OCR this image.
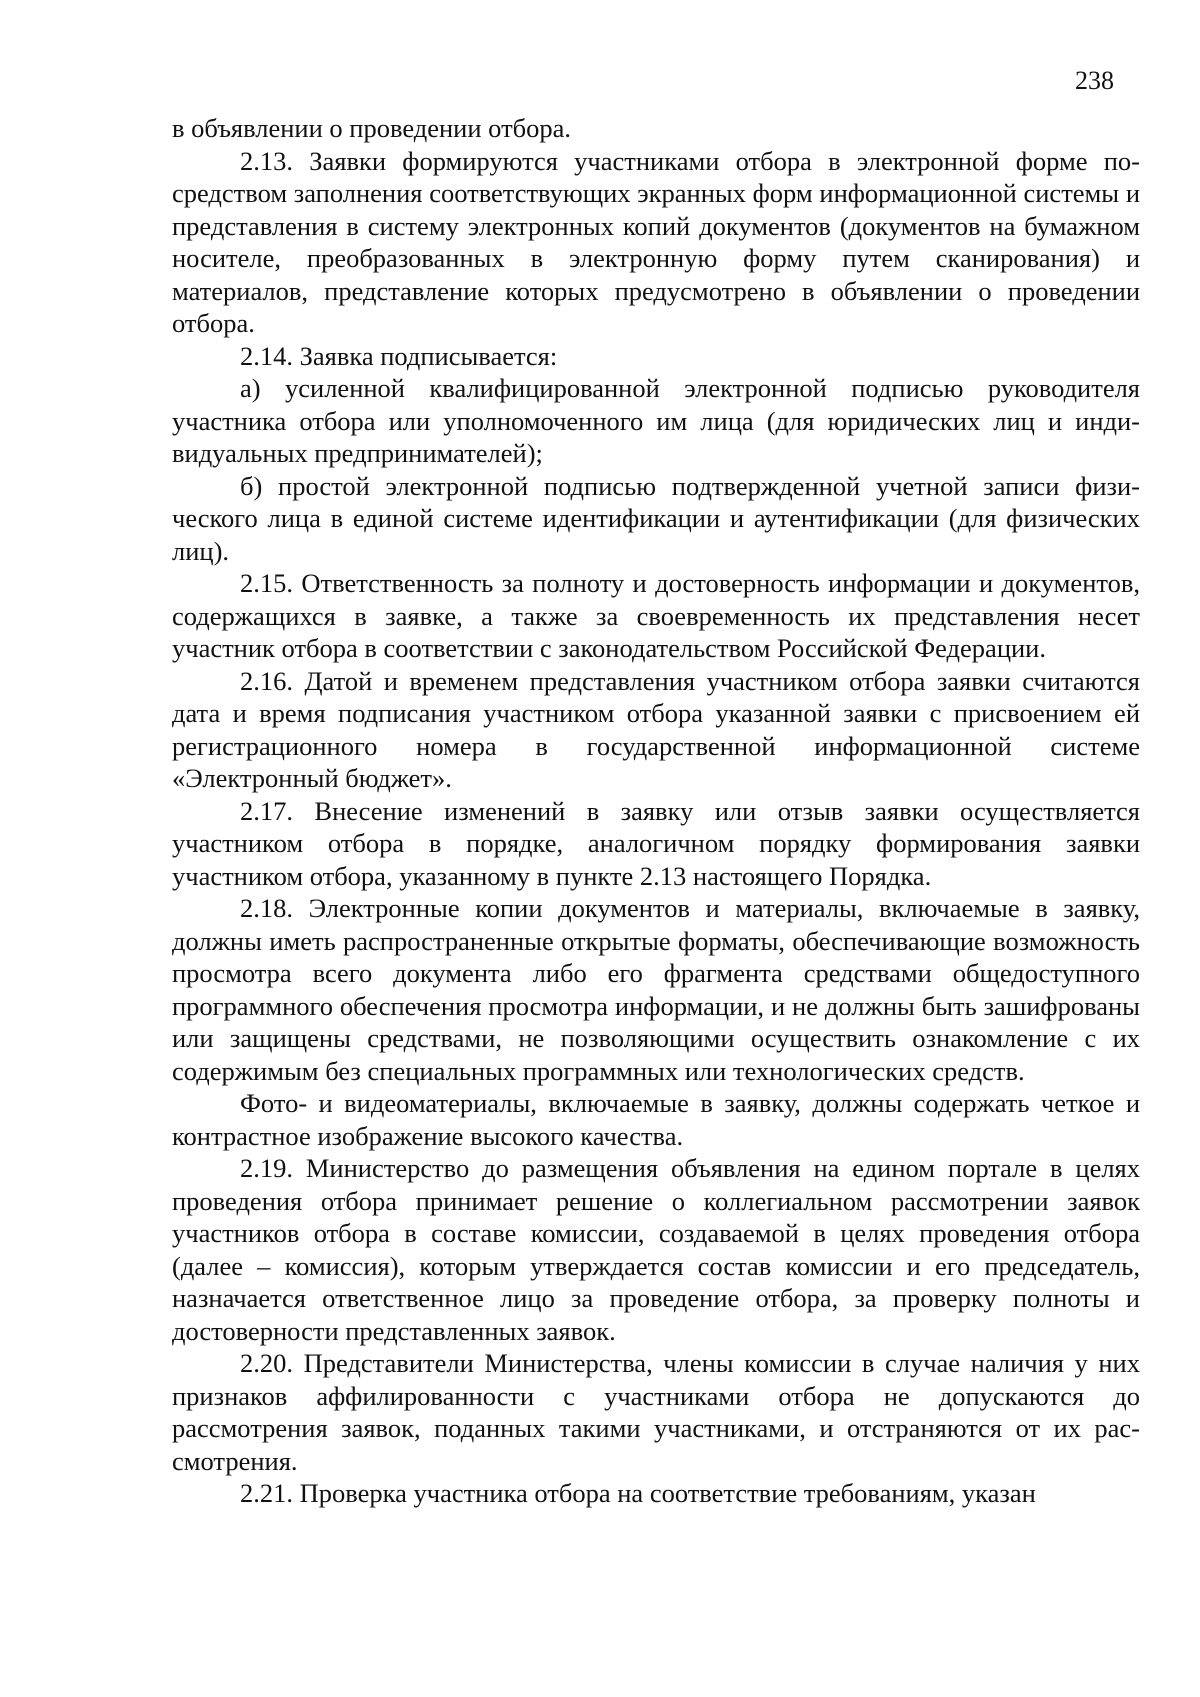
238

в объявлении о проведении отбора.

2.13. Заявки формируются участниками отбора в электронной форме посредством заполнения соответствующих экранных форм информационной системы и представления в систему электронных копий документов (документов на бумажном носителе, преобразованных в электронную форму путем сканирования) и материалов, представление которых предусмотрено в объявлении о проведении отбора.

2.14. Заявка подписывается:

а) усиленной квалифицированной электронной подписью руководителя участника отбора или уполномоченного им лица (для юридических лиц и индивидуальных предпринимателей);

б) простой электронной подписью подтвержденной учетной записи физического лица в единой системе идентификации и аутентификации (для физических лиц).

2.15. Ответственность за полноту и достоверность информации и документов, содержащихся в заявке, а также за своевременность их представления несет участник отбора в соответствии с законодательством Российской Федерации.

2.16. Датой и временем представления участником отбора заявки считаются дата и время подписания участником отбора указанной заявки с присвоением ей регистрационного номера в государственной информационной системе «Электронный бюджет».

2.17. Внесение изменений в заявку или отзыв заявки осуществляется участником отбора в порядке, аналогичном порядку формирования заявки участником отбора, указанному в пункте 2.13 настоящего Порядка.

2.18. Электронные копии документов и материалы, включаемые в заявку, должны иметь распространенные открытые форматы, обеспечивающие возможность просмотра всего документа либо его фрагмента средствами общедоступного программного обеспечения просмотра информации, и не должны быть зашифрованы или защищены средствами, не позволяющими осуществить ознакомление с их содержимым без специальных программных или технологических средств.

Фото- и видеоматериалы, включаемые в заявку, должны содержать четкое и контрастное изображение высокого качества.

2.19. Министерство до размещения объявления на едином портале в целях проведения отбора принимает решение о коллегиальном рассмотрении заявок участников отбора в составе комиссии, создаваемой в целях проведения отбора (далее – комиссия), которым утверждается состав комиссии и его председатель, назначается ответственное лицо за проведение отбора, за проверку полноты и достоверности представленных заявок.

2.20. Представители Министерства, члены комиссии в случае наличия у них признаков аффилированности с участниками отбора не допускаются до рассмотрения заявок, поданных такими участниками, и отстраняются от их рассмотрения.

2.21. Проверка участника отбора на соответствие требованиям, указан
